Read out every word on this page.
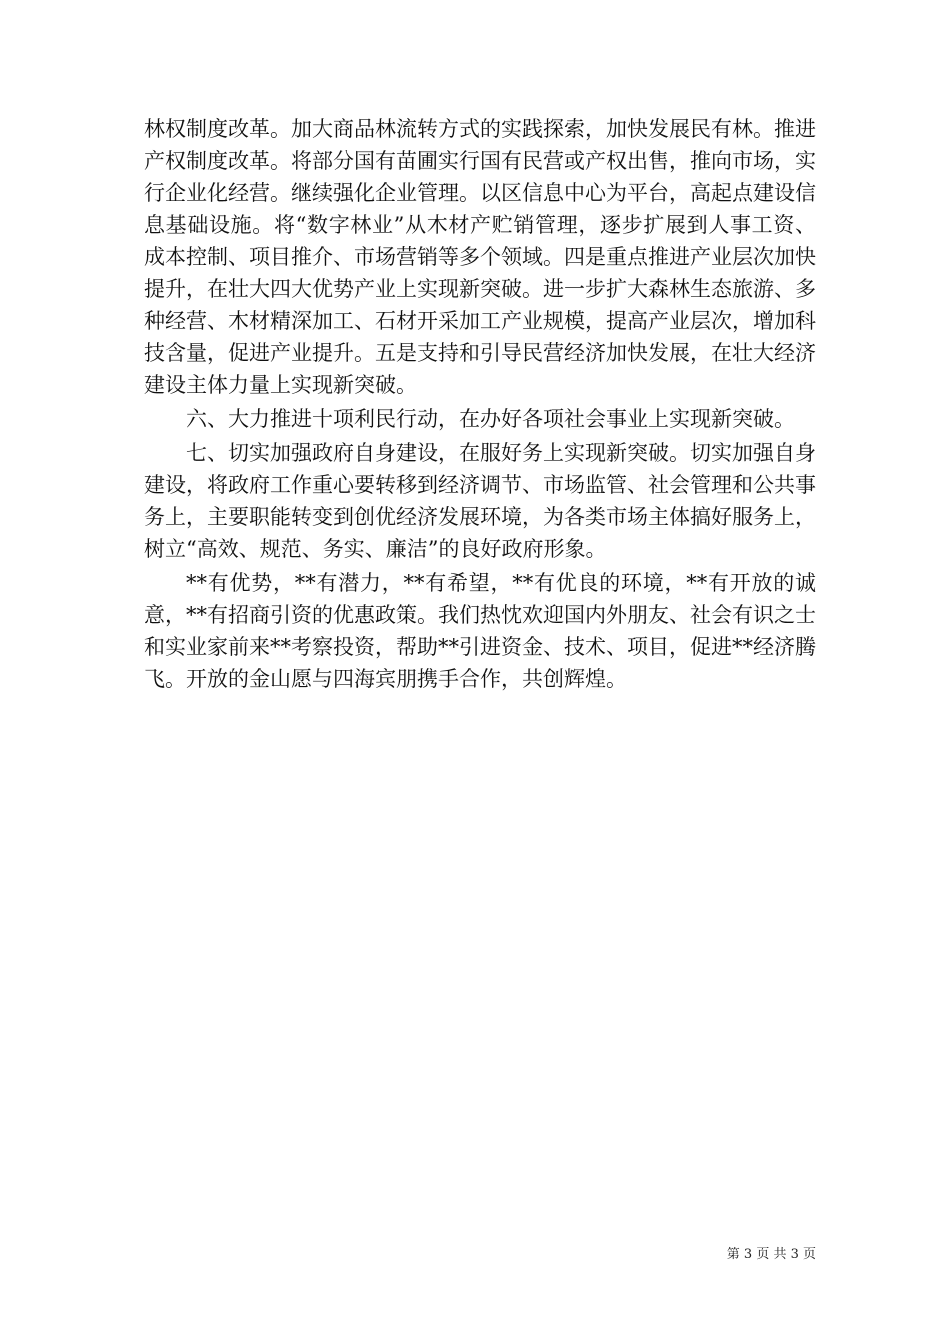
林权制度改革。加大商品林流转方式的实践探索，加快发展民有林。推进产权制度改革。将部分国有苗圃实行国有民营或产权出售，推向市场，实行企业化经营。继续强化企业管理。以区信息中心为平台，高起点建设信息基础设施。将“数字林业”从木材产贮销管理，逐步扩展到人事工资、成本控制、项目推介、市场营销等多个领域。四是重点推进产业层次加快提升，在壮大四大优势产业上实现新突破。进一步扩大森林生态旅游、多种经营、木材精深加工、石材开采加工产业规模，提高产业层次，增加科技含量，促进产业提升。五是支持和引导民营经济加快发展，在壮大经济建设主体力量上实现新突破。

六、大力推进十项利民行动，在办好各项社会事业上实现新突破。

七、切实加强政府自身建设，在服好务上实现新突破。切实加强自身建设，将政府工作重心要转移到经济调节、市场监管、社会管理和公共事务上，主要职能转变到创优经济发展环境，为各类市场主体搞好服务上，树立“高效、规范、务实、廉洁”的良好政府形象。

**有优势，**有潜力，**有希望，**有优良的环境，**有开放的诚意，**有招商引资的优惠政策。我们热忱欢迎国内外朋友、社会有识之士和实业家前来**考察投资，帮助**引进资金、技术、项目，促进**经济腾飞。开放的金山愿与四海宾朋携手合作，共创辉煌。

第 3 页 共 3 页
